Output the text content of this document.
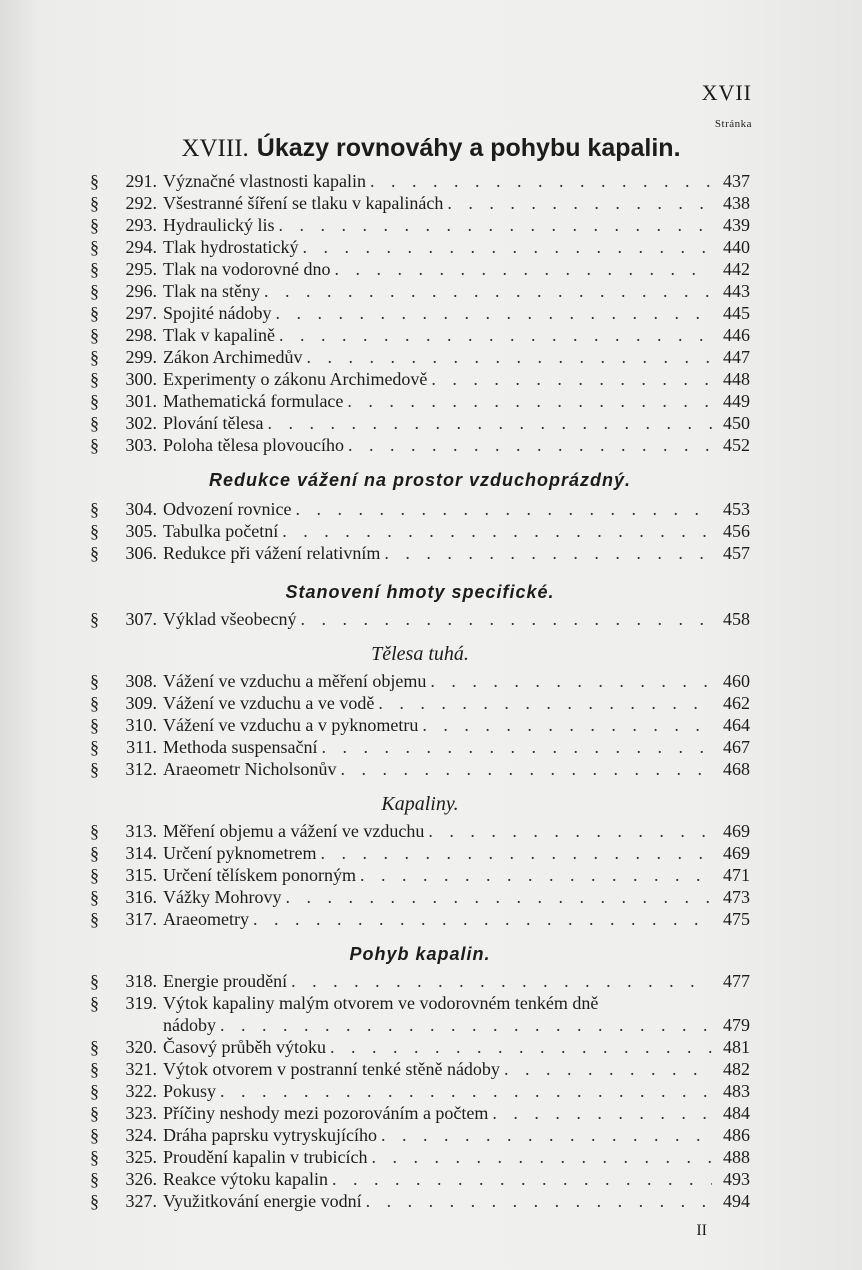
XVII
Stránka
XVIII. Úkazy rovnováhy a pohybu kapalin.
§	291. Význačné vlastnosti kapalin . . .	437
§	292. Všestranné šíření se tlaku v kapalinách . . .	438
§	293. Hydraulický lis . . .	439
§	294. Tlak hydrostatický . . .	440
§	295. Tlak na vodorovné dno . . .	442
§	296. Tlak na stěny . . .	443
§	297. Spojité nádoby . . .	445
§	298. Tlak v kapalině . . .	446
§	299. Zákon Archimedův . . .	447
§	300. Experimenty o zákonu Archimedově . . .	448
§	301. Mathematická formulace . . .	449
§	302. Plování tělesa . . .	450
§	303. Poloha tělesa plovoucího . . .	452
§	304. Odvození rovnice . . .	453
§	305. Tabulka početní . . .	456
§	306. Redukce při vážení relativním . . .	457
§	307. Výklad všeobecný . . .	458
§	308. Vážení ve vzduchu a měření objemu . . .	460
§	309. Vážení ve vzduchu a ve vodě . . .	462
§	310. Vážení ve vzduchu a v pyknometru . . .	464
§	311. Methoda suspensační . . .	467
§	312. Araeometr Nicholsonův . . .	468
§	313. Měření objemu a vážení ve vzduchu . . .	469
§	314. Určení pyknometrem . . .	469
§	315. Určení tělískem ponorným . . .	471
§	316. Vážky Mohrovy . . .	473
§	317. Araeometry . . .	475
§	318. Energie proudění . . .	477
§	319. Výtok kapaliny malým otvorem ve vodorovném tenkém dně
nádoby . . .	479
§	320. Časový průběh výtoku . . .	481
§	321. Výtok otvorem v postranní tenké stěně nádoby . . .	482
§	322. Pokusy . . .	483
§	323. Příčiny neshody mezi pozorováním a počtem . . .	484
§	324. Dráha paprsku vytryskujícího . . .	486
§	325. Proudění kapalin v trubicích . . .	488
§	326. Reakce výtoku kapalin . . .	493
§	327. Využitkování energie vodní . . .	494
Redukce vážení na prostor vzduchoprázdný.
Stanovení hmoty specifické.
Tělesa tuhá.
Kapaliny.
Pohyb kapalin.
II
